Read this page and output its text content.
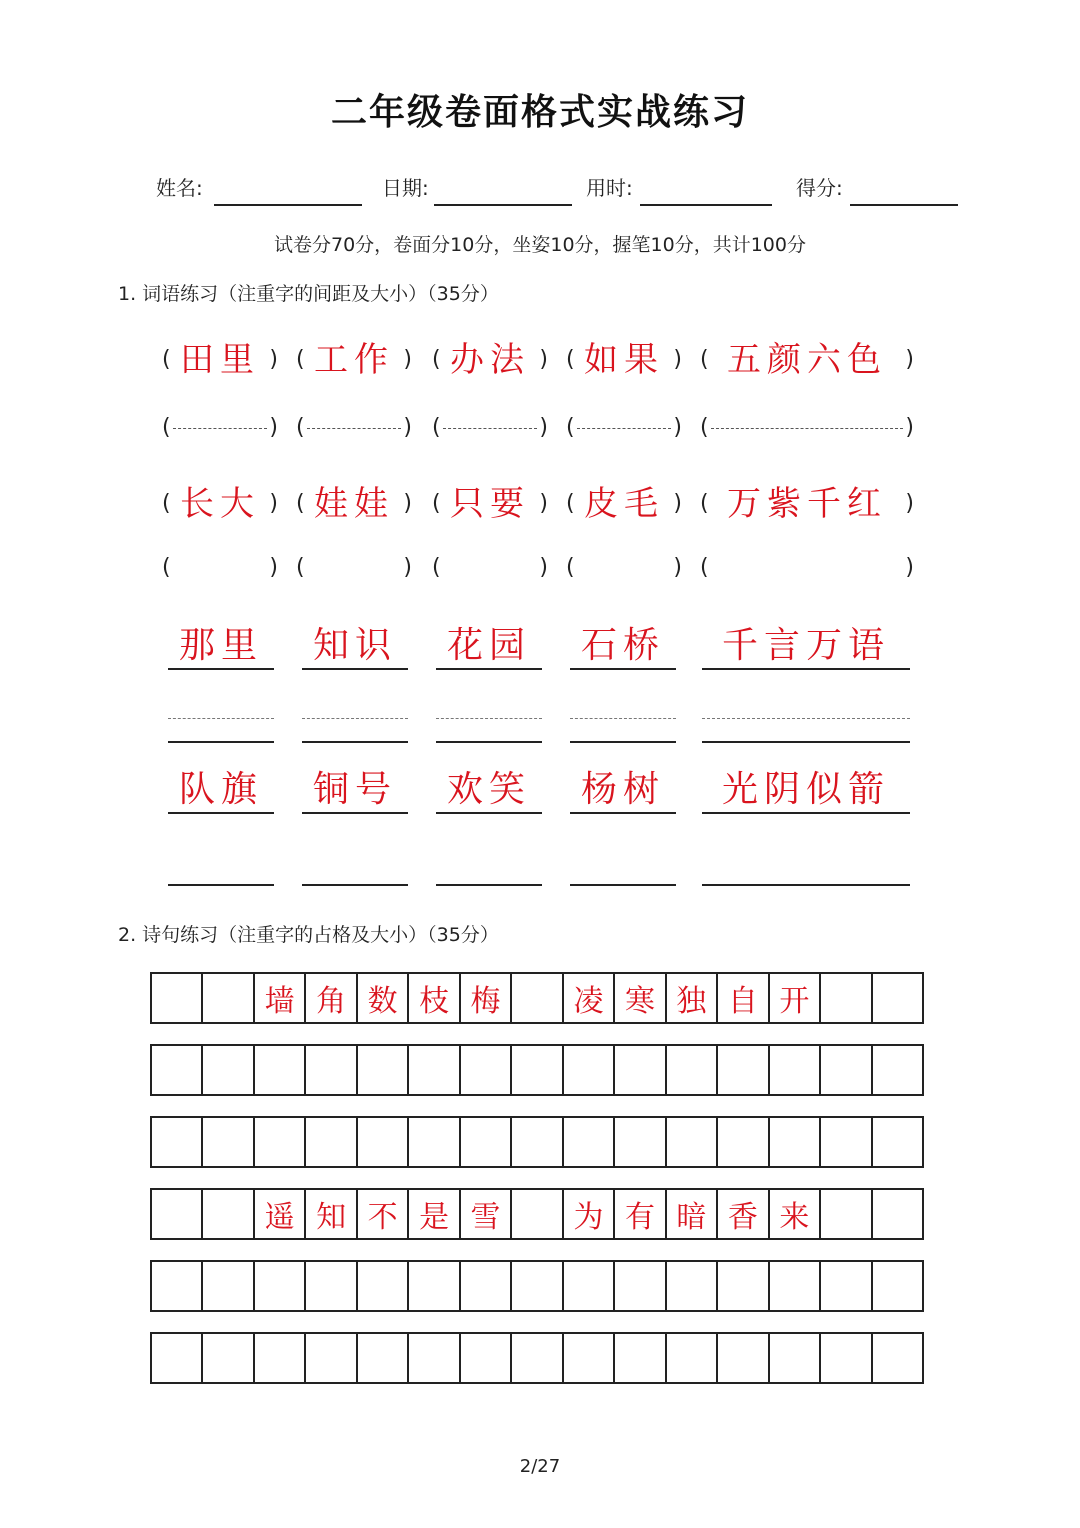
二年级卷面格式实战练习
姓名:	日期:	用时:	得分:
试卷分70分，卷面分10分，坐姿10分，握笔10分，共计100分
1. 词语练习（注重字的间距及大小）（35分）
( 田里 ) ( 工作 ) ( 办法 ) ( 如果 ) ( 五颜六色 )
(	) (	) (	) (	) (	)
( 长大 ) ( 娃娃 ) ( 只要 ) ( 皮毛 ) ( 万紫千红 )
(	) (	) (	) (	) (	)
那里	知识	花园	石桥	千言万语
队旗	铜号	欢笑	杨树	光阴似箭
2. 诗句练习（注重字的占格及大小）（35分）
墙 角 数 枝 梅	凌 寒 独 自 开
遥 知 不 是 雪	为 有 暗 香 来
2/27
